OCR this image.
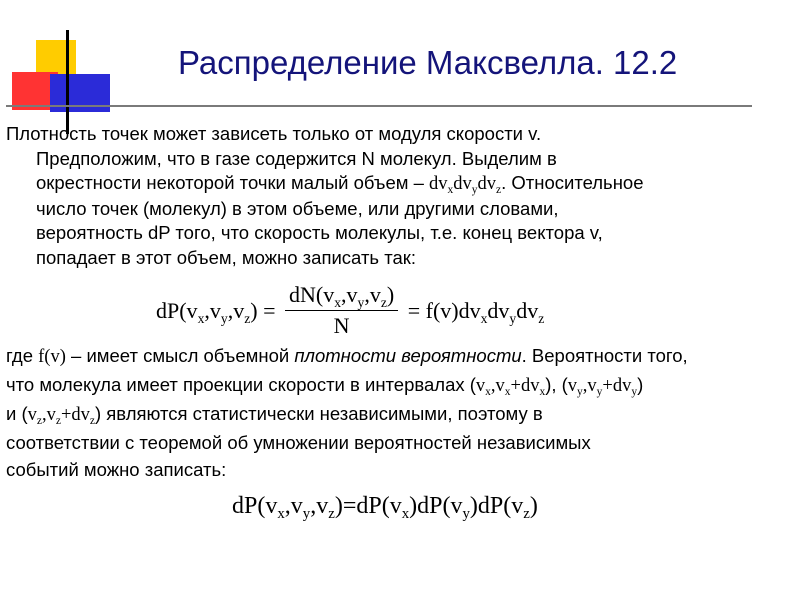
Распределение Максвелла. 12.2
Плотность точек может зависеть только от модуля скорости v.
Предположим, что в газе содержится N молекул. Выделим в
окрестности некоторой точки малый объем – $dv_xdv_ydv_z$. Относительное
число точек (молекул) в этом объеме, или другими словами,
вероятность dP того, что скорость молекулы, т.е. конец вектора v,
попадает в этот объем, можно записать так:
$dP(v_x,v_y,v_z) = \frac{dN(v_x,v_y,v_z)}{N} = f(v)dv_xdv_ydv_z$
где f(v) – имеет смысл объемной плотности вероятности. Вероятности того,
что молекула имеет проекции скорости в интервалах $(v_x,v_x+dv_x)$, $(v_y,v_y+dv_y)$
и $(v_z,v_z+dv_z)$ являются статистически независимыми, поэтому в
соответствии с теоремой об умножении вероятностей независимых
событий можно записать:
$dP(v_x,v_y,v_z)=dP(v_x)dP(v_y)dP(v_z)$
